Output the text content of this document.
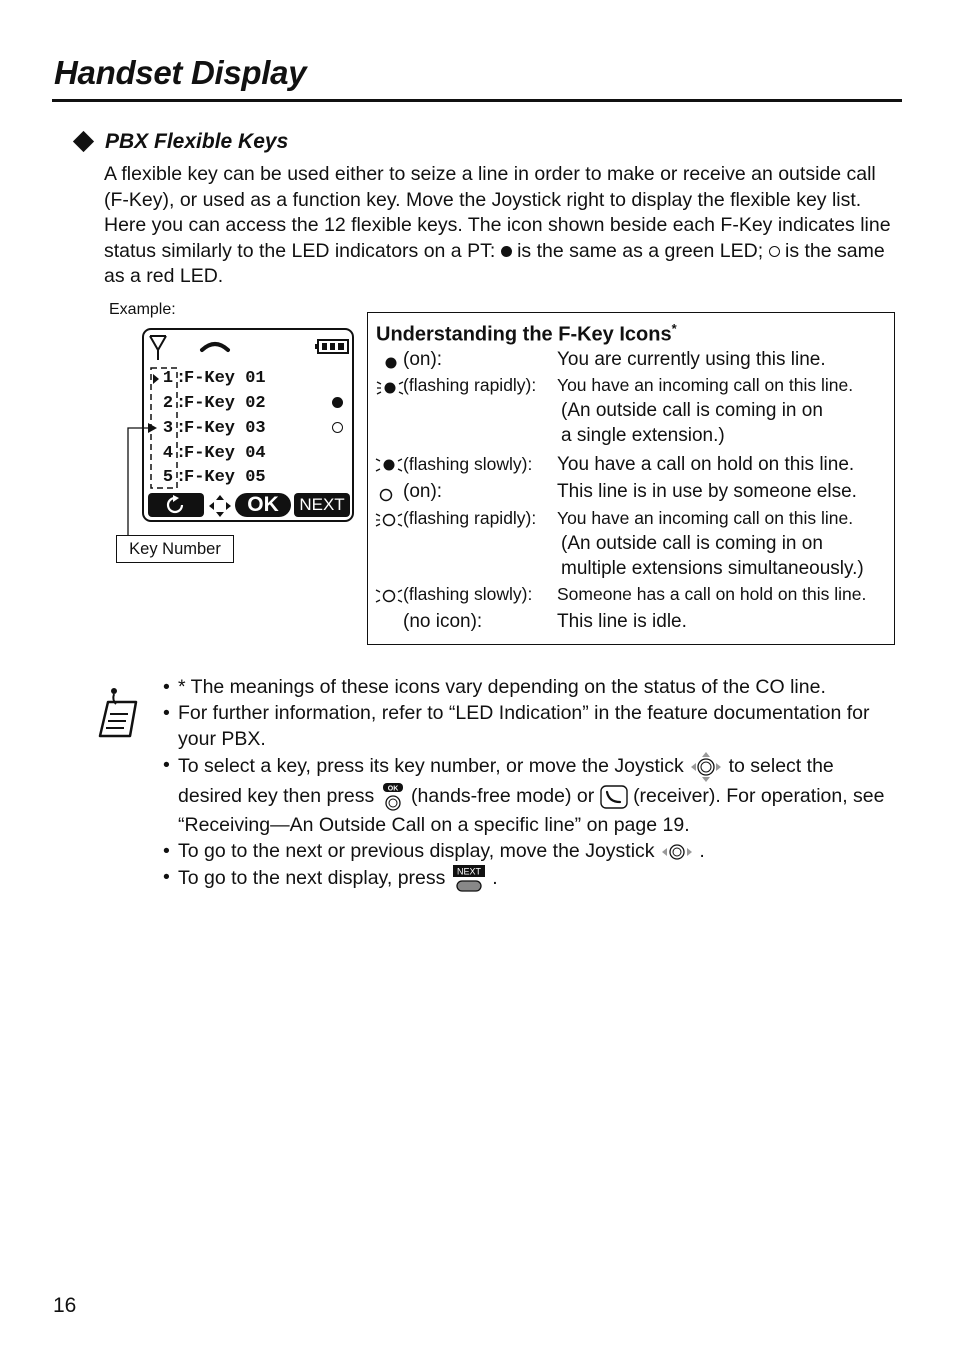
Handset Display
PBX Flexible Keys
A flexible key can be used either to seize a line in order to make or receive an outside call (F-Key), or used as a function key. Move the Joystick right to display the flexible key list. Here you can access the 12 flexible keys. The icon shown beside each F-Key indicates line status similarly to the LED indicators on a PT: is the same as a green LED; is the same as a red LED.
Example:
1 :
F-Key 01
2 :
F-Key 02
3 :
F-Key 03
4 :
F-Key 04
5 :
F-Key 05
OK	NEXT
Key Number
Understanding the F-Key Icons*
(on):	You are currently using this line.
(flashing rapidly): You have an incoming call on this line.
(An outside call is coming in on
a single extension.)
(flashing slowly): You have a call on hold on this line.
(on):	This line is in use by someone else.
(flashing rapidly): You have an incoming call on this line.
(An outside call is coming in on
multiple extensions simultaneously.)
(flashing slowly): Someone has a call on hold on this line.
(no icon):	This line is idle.
• * The meanings of these icons vary depending on the status of the CO line.
• For further information, refer to “LED Indication” in the feature documentation for your PBX.
• To select a key, press its key number, or move the Joystick to select the desired key then press OK (hands-free mode) or (receiver). For operation, see “Receiving—An Outside Call on a specific line” on page 19.
• To go to the next or previous display, move the Joystick .
• To go to the next display, press NEXT .
16
